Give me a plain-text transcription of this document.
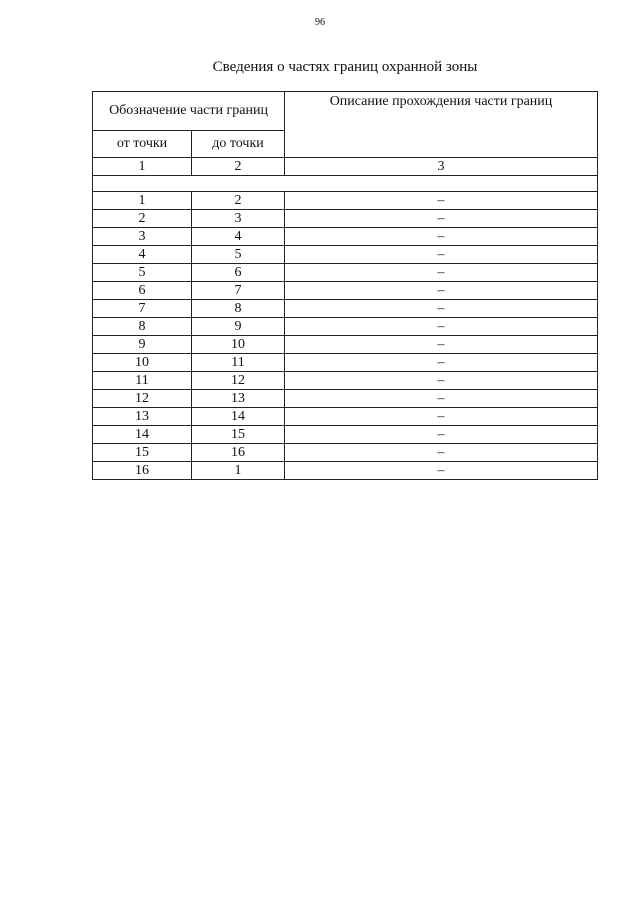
96
Сведения о частях границ охранной зоны
Обозначение части границ		Описание прохождения части границ
от точки	до точки	
1	2	3

1	2	–
2	3	–
3	4	–
4	5	–
5	6	–
6	7	–
7	8	–
8	9	–
9	10	–
10	11	–
11	12	–
12	13	–
13	14	–
14	15	–
15	16	–
16	1	–
